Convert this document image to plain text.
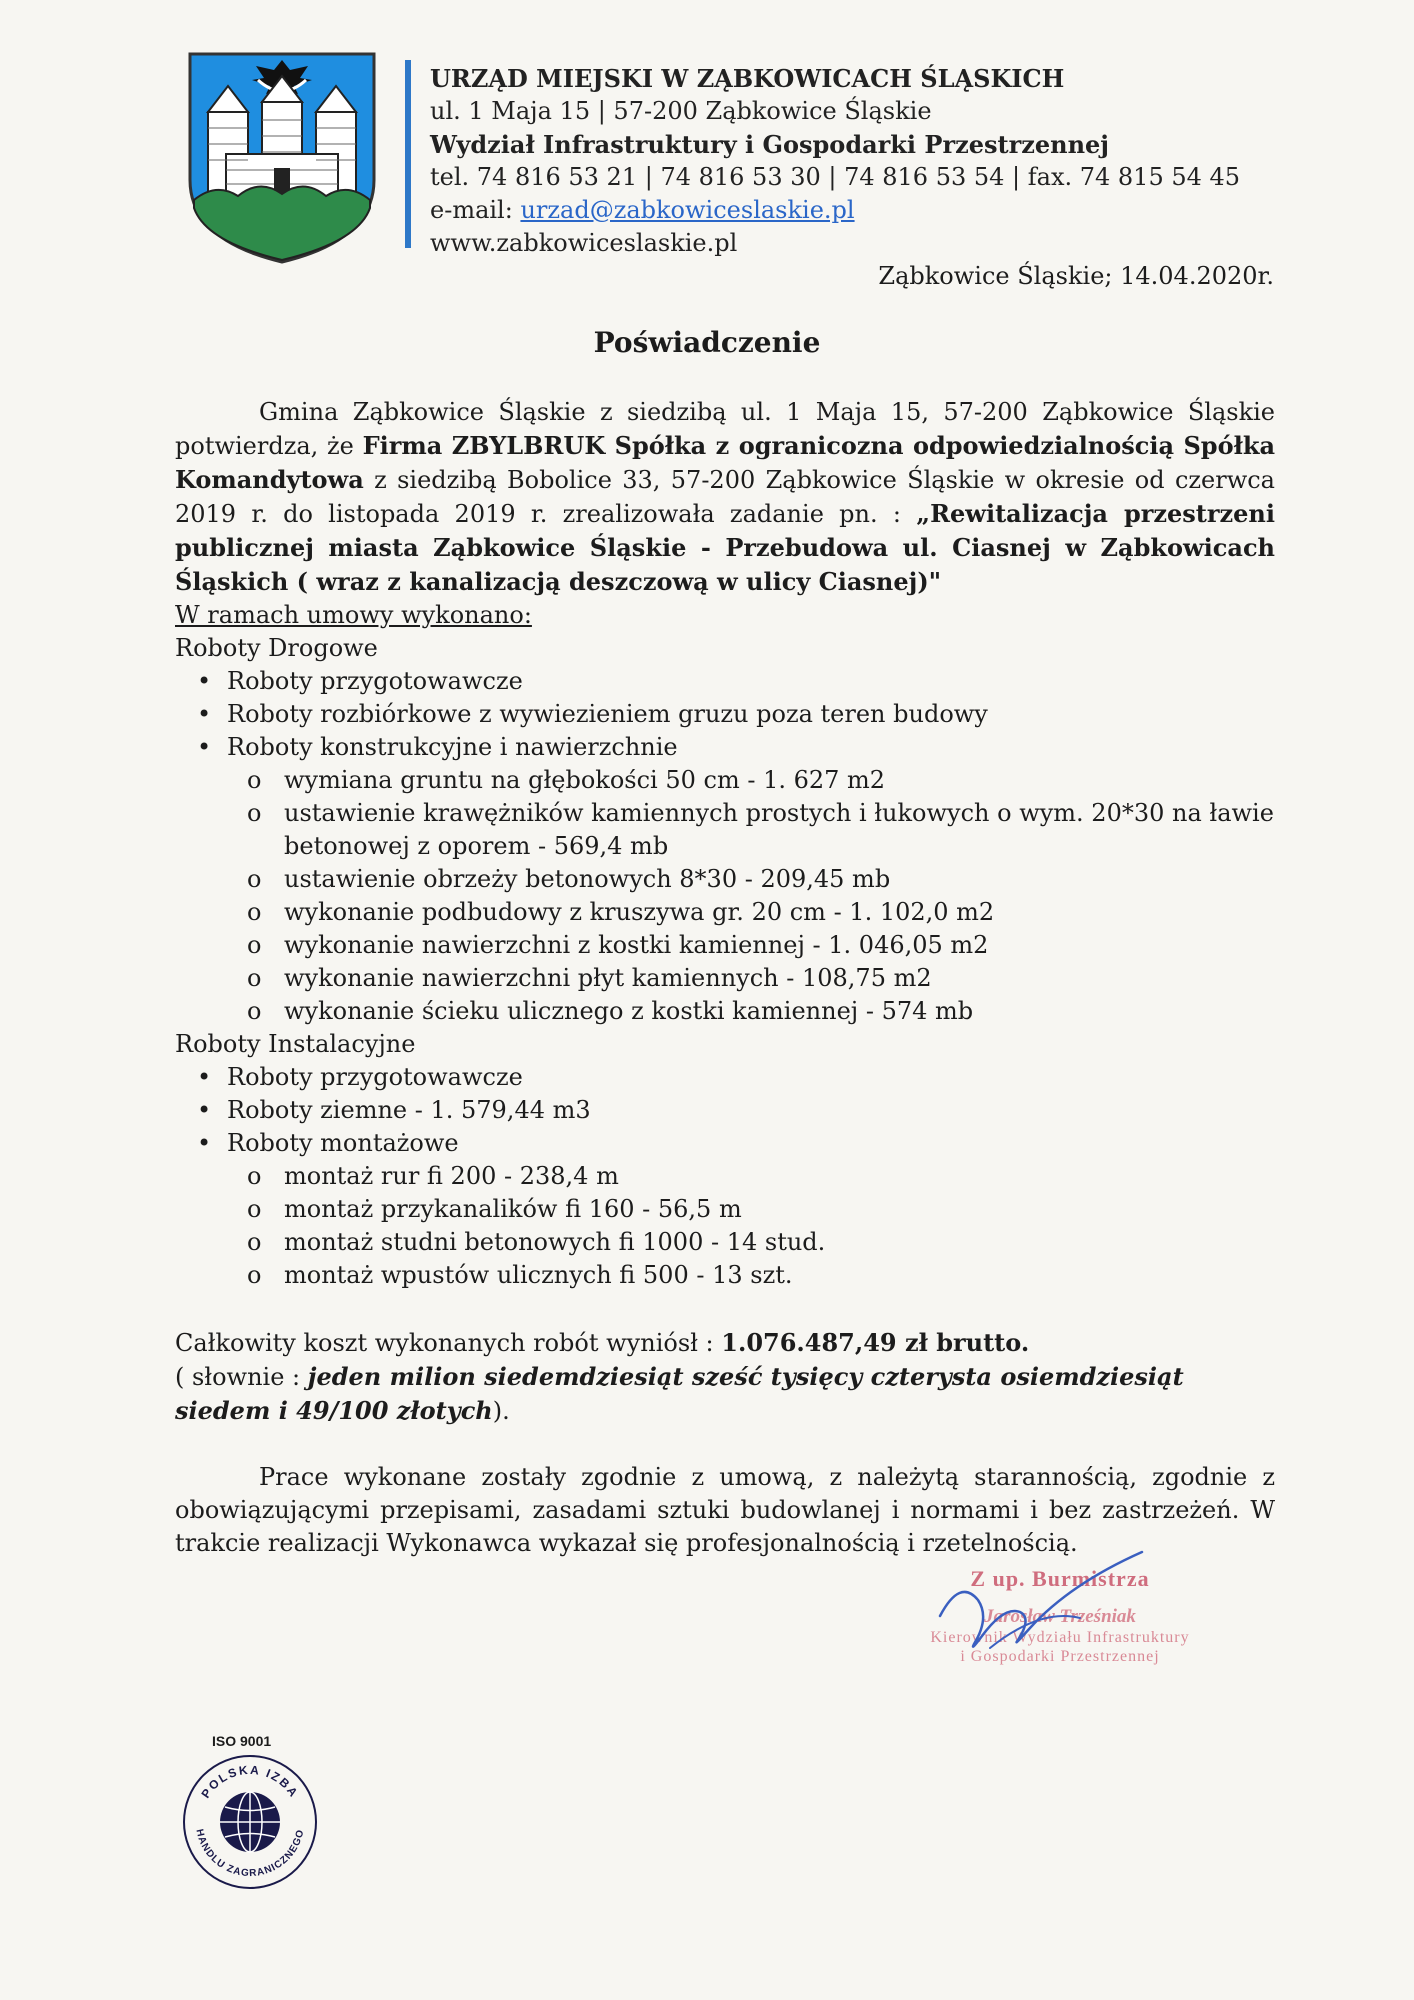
URZĄD MIEJSKI W ZĄBKOWICACH ŚLĄSKICH
ul. 1 Maja 15 | 57-200 Ząbkowice Śląskie
Wydział Infrastruktury i Gospodarki Przestrzennej
tel. 74 816 53 21 | 74 816 53 30 | 74 816 53 54 | fax. 74 815 54 45
e-mail: urzad@zabkowiceslaskie.pl
www.zabkowiceslaskie.pl
Ząbkowice Śląskie; 14.04.2020r.
Poświadczenie
Gmina Ząbkowice Śląskie z siedzibą ul. 1 Maja 15, 57-200 Ząbkowice Śląskie potwierdza, że Firma ZBYLBRUK Spółka z ogranicozna odpowiedzialnością Spółka Komandytowa z siedzibą Bobolice 33, 57-200 Ząbkowice Śląskie w okresie od czerwca 2019 r. do listopada 2019 r. zrealizowała zadanie pn. : „Rewitalizacja przestrzeni publicznej miasta Ząbkowice Śląskie - Przebudowa ul. Ciasnej w Ząbkowicach Śląskich ( wraz z kanalizacją deszczową w ulicy Ciasnej)"
W ramach umowy wykonano:
Roboty Drogowe
• Roboty przygotowawcze
• Roboty rozbiórkowe z wywiezieniem gruzu poza teren budowy
• Roboty konstrukcyjne i nawierzchnie
o wymiana gruntu na głębokości 50 cm - 1. 627 m2
o ustawienie krawężników kamiennych prostych i łukowych o wym. 20*30 na ławie betonowej z oporem - 569,4 mb
o ustawienie obrzeży betonowych 8*30 - 209,45 mb
o wykonanie podbudowy z kruszywa gr. 20 cm - 1. 102,0 m2
o wykonanie nawierzchni z kostki kamiennej - 1. 046,05 m2
o wykonanie nawierzchni płyt kamiennych - 108,75 m2
o wykonanie ścieku ulicznego z kostki kamiennej - 574 mb
Roboty Instalacyjne
• Roboty przygotowawcze
• Roboty ziemne - 1. 579,44 m3
• Roboty montażowe
o montaż rur fi 200 - 238,4 m
o montaż przykanalików fi 160 - 56,5 m
o montaż studni betonowych fi 1000 - 14 stud.
o montaż wpustów ulicznych fi 500 - 13 szt.
Całkowity koszt wykonanych robót wyniósł : 1.076.487,49 zł brutto.
( słownie : jeden milion siedemdziesiąt sześć tysięcy czterysta osiemdziesiąt siedem i 49/100 złotych).
Prace wykonane zostały zgodnie z umową, z należytą starannością, zgodnie z obowiązującymi przepisami, zasadami sztuki budowlanej i normami i bez zastrzeżeń. W trakcie realizacji Wykonawca wykazał się profesjonalnością i rzetelnością.
Z up. Burmistrza
Jarosław Trześniak
Kierownik Wydziału Infrastruktury
i Gospodarki Przestrzennej
ISO 9001
POLSKA IZBA
HANDLU ZAGRANICZNEGO
